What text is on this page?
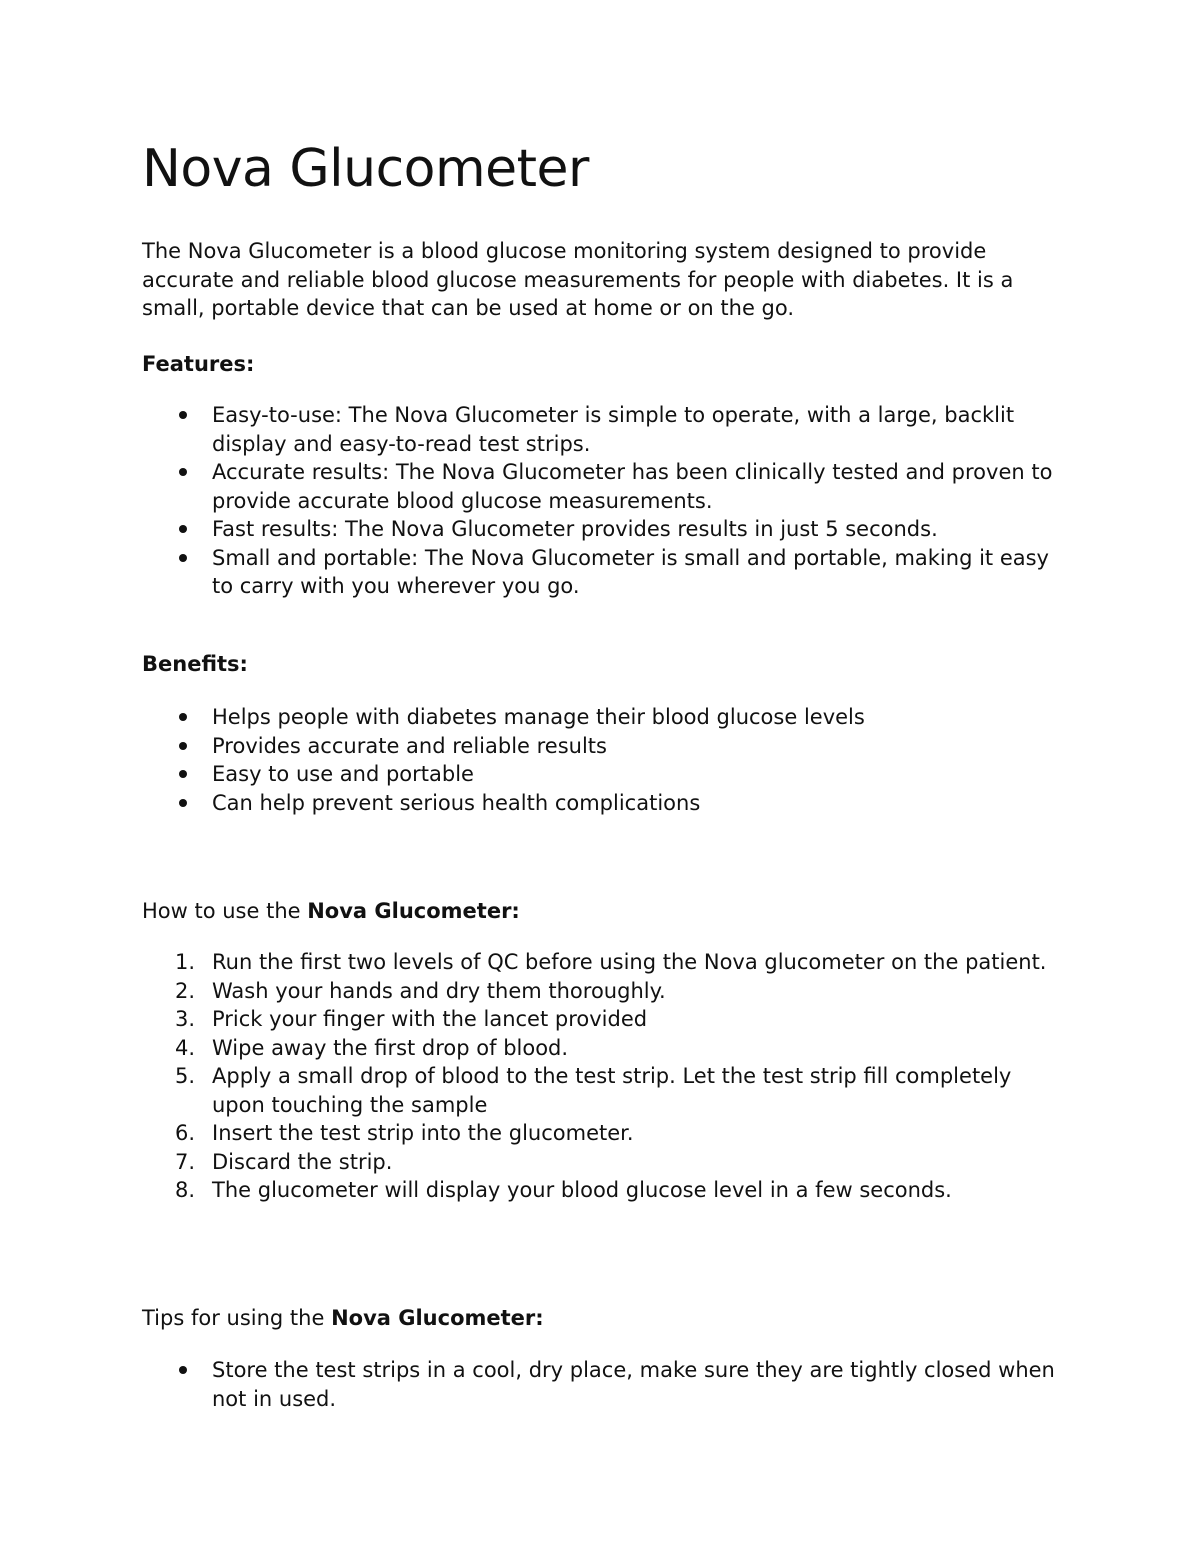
Nova Glucometer

The Nova Glucometer is a blood glucose monitoring system designed to provide accurate and reliable blood glucose measurements for people with diabetes. It is a small, portable device that can be used at home or on the go.

Features:
Easy-to-use: The Nova Glucometer is simple to operate, with a large, backlit display and easy-to-read test strips.
Accurate results: The Nova Glucometer has been clinically tested and proven to provide accurate blood glucose measurements.
Fast results: The Nova Glucometer provides results in just 5 seconds.
Small and portable: The Nova Glucometer is small and portable, making it easy to carry with you wherever you go.
Benefits:
Helps people with diabetes manage their blood glucose levels
Provides accurate and reliable results
Easy to use and portable
Can help prevent serious health complications
How to use the Nova Glucometer:
1. Run the first two levels of QC before using the Nova glucometer on the patient.
2. Wash your hands and dry them thoroughly.
3. Prick your finger with the lancet provided
4. Wipe away the first drop of blood.
5. Apply a small drop of blood to the test strip. Let the test strip fill completely upon touching the sample
6. Insert the test strip into the glucometer.
7. Discard the strip.
8. The glucometer will display your blood glucose level in a few seconds.
Tips for using the Nova Glucometer:
Store the test strips in a cool, dry place, make sure they are tightly closed when not in used.
